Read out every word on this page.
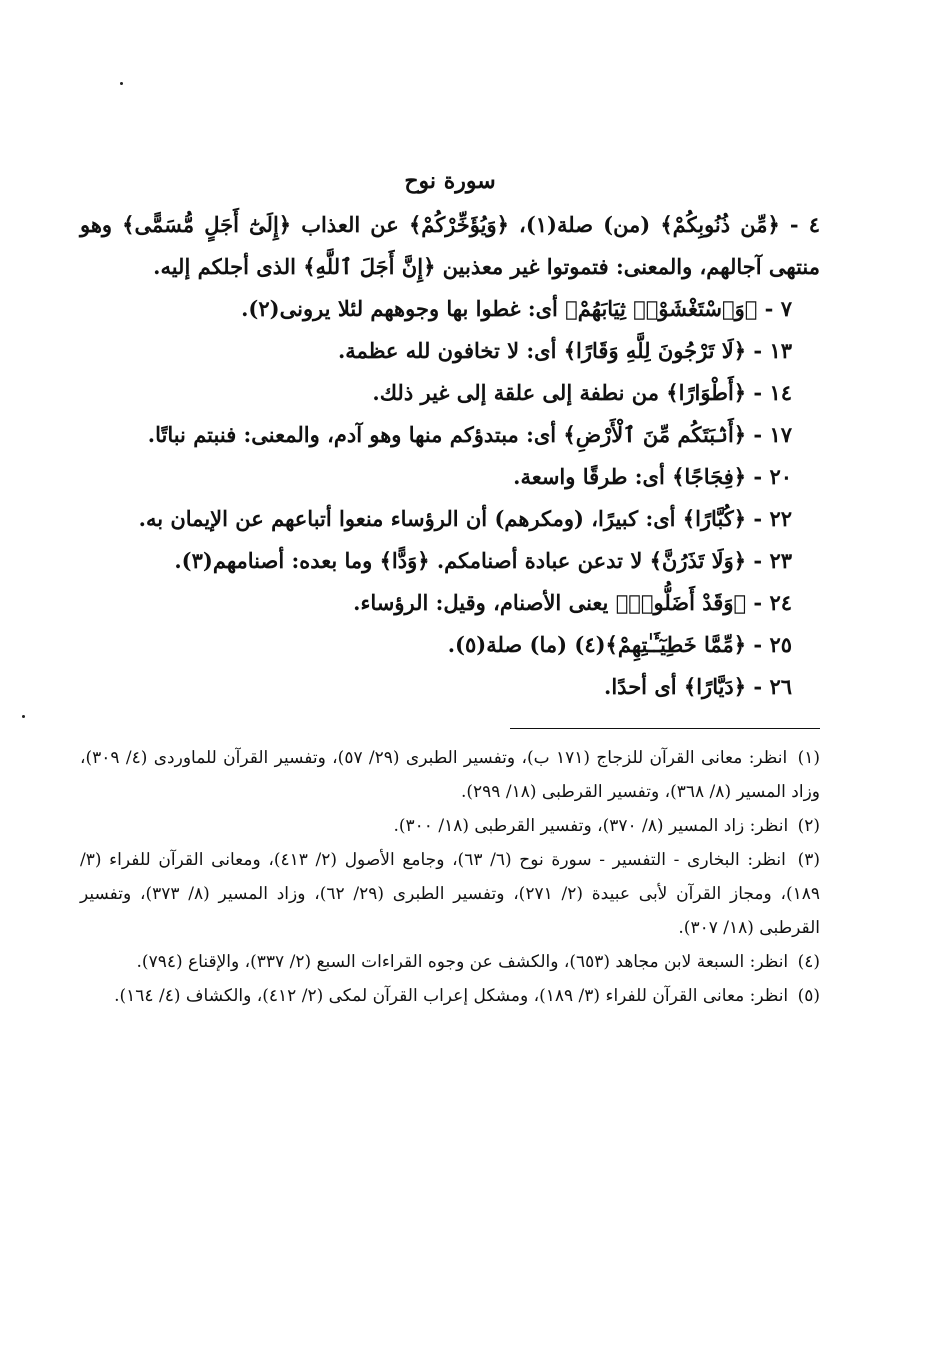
سورة نوح

٤ - ﴿مِّن ذُنُوبِكُمْ﴾ (من) صلة(١)، ﴿وَيُؤَخِّرْكُمْ﴾ عن العذاب ﴿إِلَىٰٓ أَجَلٍ مُّسَمًّى﴾ وهو منتهى آجالهم، والمعنى: فتموتوا غير معذبين ﴿إِنَّ أَجَلَ ٱللَّهِ﴾ الذى أجلكم إليه.

٧ - ﴿وَٱسْتَغْشَوْا۟ ثِيَابَهُمْ﴾ أى: غطوا بها وجوههم لئلا يرونى(٢).

١٣ - ﴿لَا تَرْجُونَ لِلَّهِ وَقَارًا﴾ أى: لا تخافون لله عظمة.

١٤ - ﴿أَطْوَارًا﴾ من نطفة إلى علقة إلى غير ذلك.

١٧ - ﴿أَنۢبَتَكُم مِّنَ ٱلْأَرْضِ﴾ أى: مبتدؤكم منها وهو آدم، والمعنى: فنبتم نباتًا.

٢٠ - ﴿فِجَاجًا﴾ أى: طرقًا واسعة.

٢٢ - ﴿كُبَّارًا﴾ أى: كبيرًا، (ومكرهم) أن الرؤساء منعوا أتباعهم عن الإيمان به.

٢٣ - ﴿وَلَا تَذَرُنَّ﴾ لا تدعن عبادة أصنامكم. ﴿وَدًّا﴾ وما بعده: أصنامهم(٣).

٢٤ - ﴿وَقَدْ أَضَلُّوا۟﴾ يعنى الأصنام، وقيل: الرؤساء.

٢٥ - ﴿مِّمَّا خَطِيٓـَٔـٰتِهِمْ﴾(٤) (ما) صلة(٥).

٢٦ - ﴿دَيَّارًا﴾ أى أحدًا.

(١) انظر: معانى القرآن للزجاج (١٧١ ب)، وتفسير الطبرى (٢٩/ ٥٧)، وتفسير القرآن للماوردى (٤/ ٣٠٩)، وزاد المسير (٨/ ٣٦٨)، وتفسير القرطبى (١٨/ ٢٩٩).

(٢) انظر: زاد المسير (٨/ ٣٧٠)، وتفسير القرطبى (١٨/ ٣٠٠).

(٣) انظر: البخارى - التفسير - سورة نوح (٦/ ٦٣)، وجامع الأصول (٢/ ٤١٣)، ومعانى القرآن للفراء (٣/ ١٨٩)، ومجاز القرآن لأبى عبيدة (٢/ ٢٧١)، وتفسير الطبرى (٢٩/ ٦٢)، وزاد المسير (٨/ ٣٧٣)، وتفسير القرطبى (١٨/ ٣٠٧).

(٤) انظر: السبعة لابن مجاهد (٦٥٣)، والكشف عن وجوه القراءات السبع (٢/ ٣٣٧)، والإقناع (٧٩٤).

(٥) انظر: معانى القرآن للفراء (٣/ ١٨٩)، ومشكل إعراب القرآن لمكى (٢/ ٤١٢)، والكشاف (٤/ ١٦٤).
